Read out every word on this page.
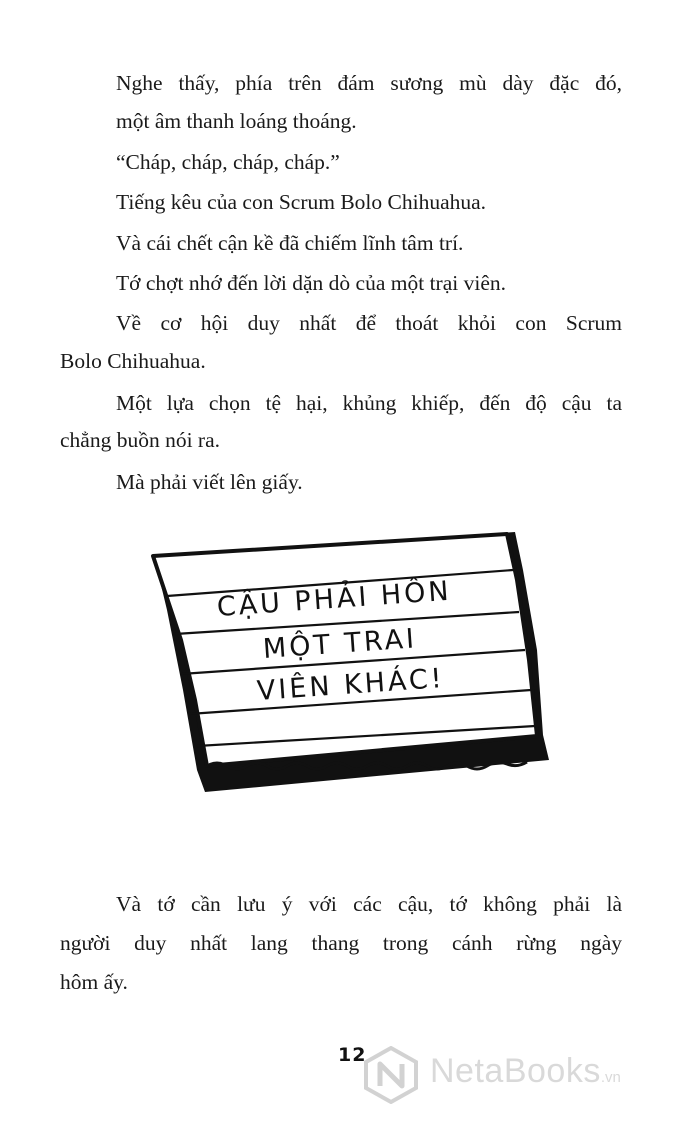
Nghe thấy, phía trên đám sương mù dày đặc đó,

một âm thanh loáng thoáng.

“Cháp, cháp, cháp, cháp.”

Tiếng kêu của con Scrum Bolo Chihuahua.

Và cái chết cận kề đã chiếm lĩnh tâm trí.

Tớ chợt nhớ đến lời dặn dò của một trại viên.

Về cơ hội duy nhất để thoát khỏi con Scrum

Bolo Chihuahua.

Một lựa chọn tệ hại, khủng khiếp, đến độ cậu ta

chẳng buồn nói ra.

Mà phải viết lên giấy.

CẬU PHẢI HÔN
MỘT TRAI
VIÊN KHÁC!

Và tớ cần lưu ý với các cậu, tớ không phải là

người duy nhất lang thang trong cánh rừng ngày

hôm ấy.

12 NetaBooks.vn
